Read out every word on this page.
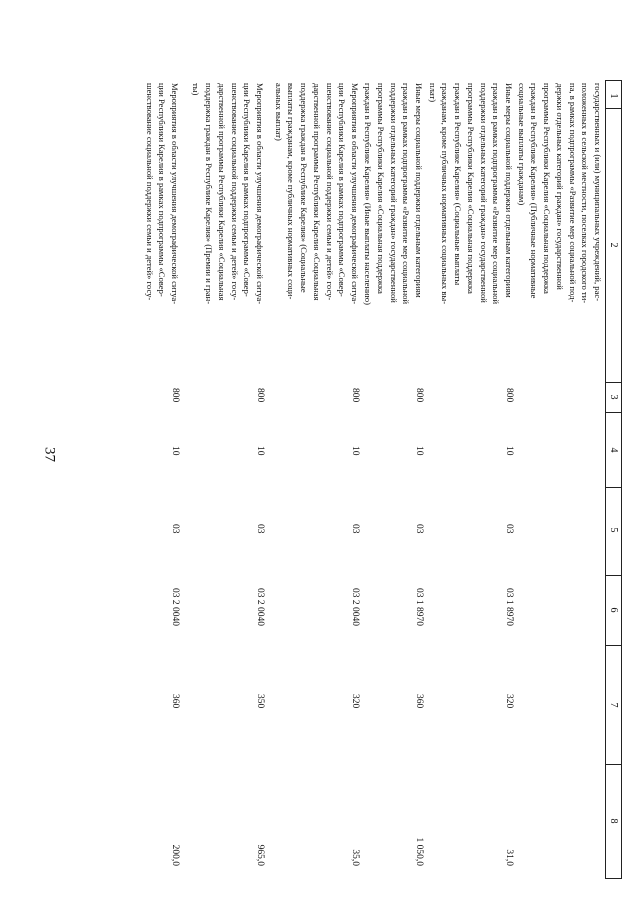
37
1
2
3
4
5
6
7
8
государственных и (или) муниципальных учреждений, рас-
положенных в сельской местности, поселках городского ти-
па, в рамках подпрограммы «Развитие мер социальной под-
держки отдельных категорий граждан» государственной
программы Республики Карелия «Социальная поддержка
граждан в Республике Карелия» (Публичные нормативные
социальные выплаты гражданам)
Иные меры социальной поддержки отдельным категориям
граждан в рамках подпрограммы «Развитие мер социальной
поддержки отдельных категорий граждан» государственной
программы Республики Карелия «Социальная поддержка
граждан в Республике Карелия» (Социальные выплаты
гражданам, кроме публичных нормативных социальных вы-
плат)
800
10
03
03 1 8970
320
31,0
Иные меры социальной поддержки отдельным категориям
граждан в рамках подпрограммы «Развитие мер социальной
поддержки отдельных категорий граждан» государственной
программы Республики Карелия «Социальная поддержка
граждан в Республике Карелия» (Иные выплаты населению)
800
10
03
03 1 8970
360
1 050,0
Мероприятия в области улучшения демографической ситуа-
ции Республики Карелия в рамках подпрограммы «Совер-
шенствование социальной поддержки семьи и детей» госу-
дарственной программы Республики Карелия «Социальная
поддержка граждан в Республике Карелия» (Социальные
выплаты гражданам, кроме публичных нормативных соци-
альных выплат)
800
10
03
03 2 0040
320
35,0
Мероприятия в области улучшения демографической ситуа-
ции Республики Карелия в рамках подпрограммы «Совер-
шенствование социальной поддержки семьи и детей» госу-
дарственной программы Республики Карелия «Социальная
поддержка граждан в Республике Карелия» (Премии и гран-
ты)
800
10
03
03 2 0040
350
965,0
Мероприятия в области улучшения демографической ситуа-
ции Республики Карелия в рамках подпрограммы «Совер-
шенствование социальной поддержки семьи и детей» госу-
800
10
03
03 2 0040
360
200,0
